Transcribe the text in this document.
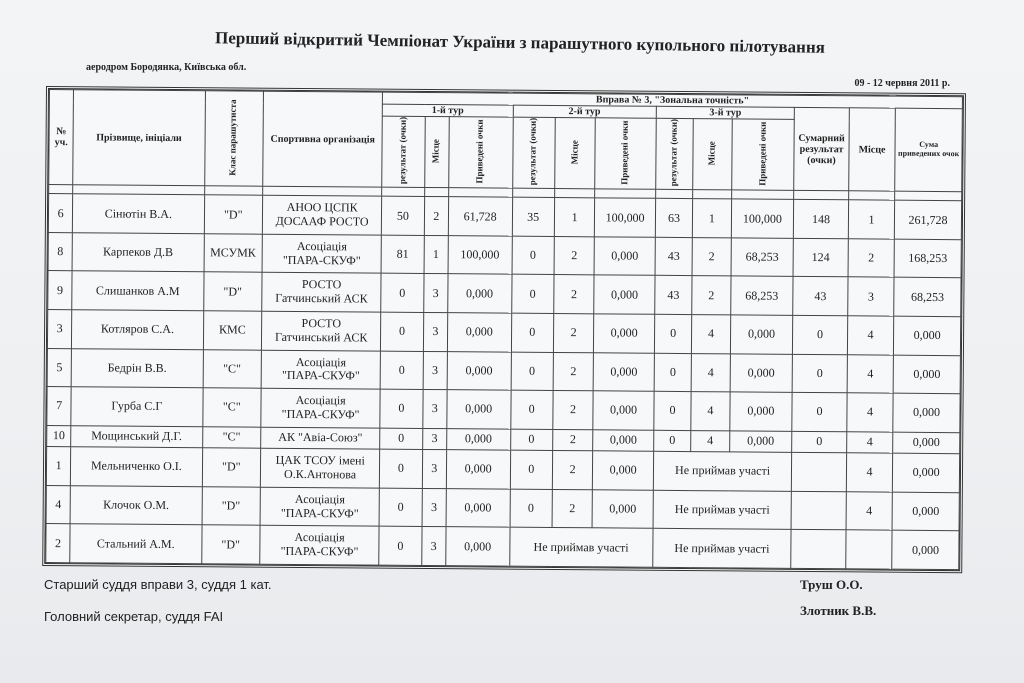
Перший відкритий Чемпіонат України з парашутного купольного пілотування
аеродром Бородянка, Київська обл.
09 - 12 червня 2011 р.
№ уч.	Прізвище, ініціали	Клас парашутиста	Спортивна організація	Вправа № 3, "Зональна точність"											
				1-й тур			2-й тур			3-й тур			Сумарний результат (очки)	Місце	Сума приведених очок
				результат (очки)	Місце	Приведені очки	результат (очки)	Місце	Приведені очки	результат (очки)	Місце	Приведені очки			

6	Сінютін В.А.	"D"	АНОО ЦСПК
ДОСААФ РОСТО	50	2	61,728	35	1	100,000	63	1	100,000	148	1	261,728
8	Карпеков Д.В	МСУМК	Асоціація
"ПАРА-СКУФ"	81	1	100,000	0	2	0,000	43	2	68,253	124	2	168,253
9	Слишанков А.М	"D"	РОСТО
Гатчинський АСК	0	3	0,000	0	2	0,000	43	2	68,253	43	3	68,253
3	Котляров С.А.	КМС	РОСТО
Гатчинський АСК	0	3	0,000	0	2	0,000	0	4	0,000	0	4	0,000
5	Бедрін В.В.	"C"	Асоціація
"ПАРА-СКУФ"	0	3	0,000	0	2	0,000	0	4	0,000	0	4	0,000
7	Гурба С.Г	"C"	Асоціація
"ПАРА-СКУФ"	0	3	0,000	0	2	0,000	0	4	0,000	0	4	0,000
10	Мощинський Д.Г.	"C"	АК "Авіа-Союз"	0	3	0,000	0	2	0,000	0	4	0,000	0	4	0,000
1	Мельниченко О.І.	"D"	ЦАК ТСОУ імені
О.К.Антонова	0	3	0,000	0	2	0,000	Не приймав участі				4	0,000
4	Клочок О.М.	"D"	Асоціація
"ПАРА-СКУФ"	0	3	0,000	0	2	0,000	Не приймав участі				4	0,000
2	Стальний А.М.	"D"	Асоціація
"ПАРА-СКУФ"	0	3	0,000	Не приймав участі			Не приймав участі					0,000
Старший суддя вправи 3, суддя 1 кат.	Труш О.О.
Головний секретар, суддя FAI	Злотник В.В.
